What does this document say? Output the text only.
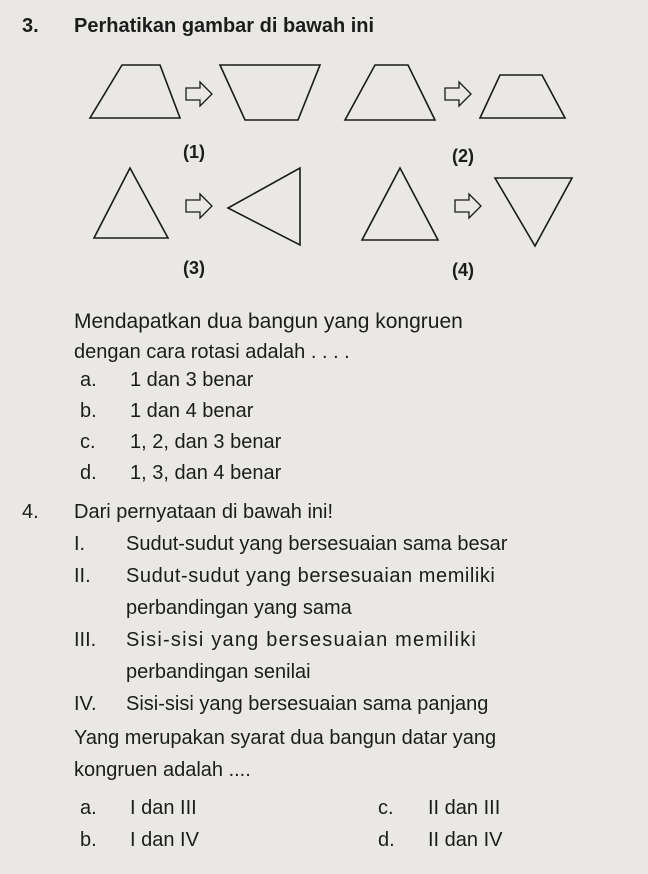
3. Perhatikan gambar di bawah ini
(1)	(2)
(3)	(4)
Mendapatkan dua bangun yang kongruen
dengan cara rotasi adalah . . . .
a. 1 dan 3 benar
b. 1 dan 4 benar
c. 1, 2, dan 3 benar
d. 1, 3, dan 4 benar
4. Dari pernyataan di bawah ini!
I. Sudut-sudut yang bersesuaian sama besar
II. Sudut-sudut yang bersesuaian memiliki
perbandingan yang sama
III. Sisi-sisi yang bersesuaian memiliki
perbandingan senilai
IV. Sisi-sisi yang bersesuaian sama panjang
Yang merupakan syarat dua bangun datar yang
kongruen adalah ....
a. I dan III
b. I dan IV
c. II dan III
d. II dan IV
